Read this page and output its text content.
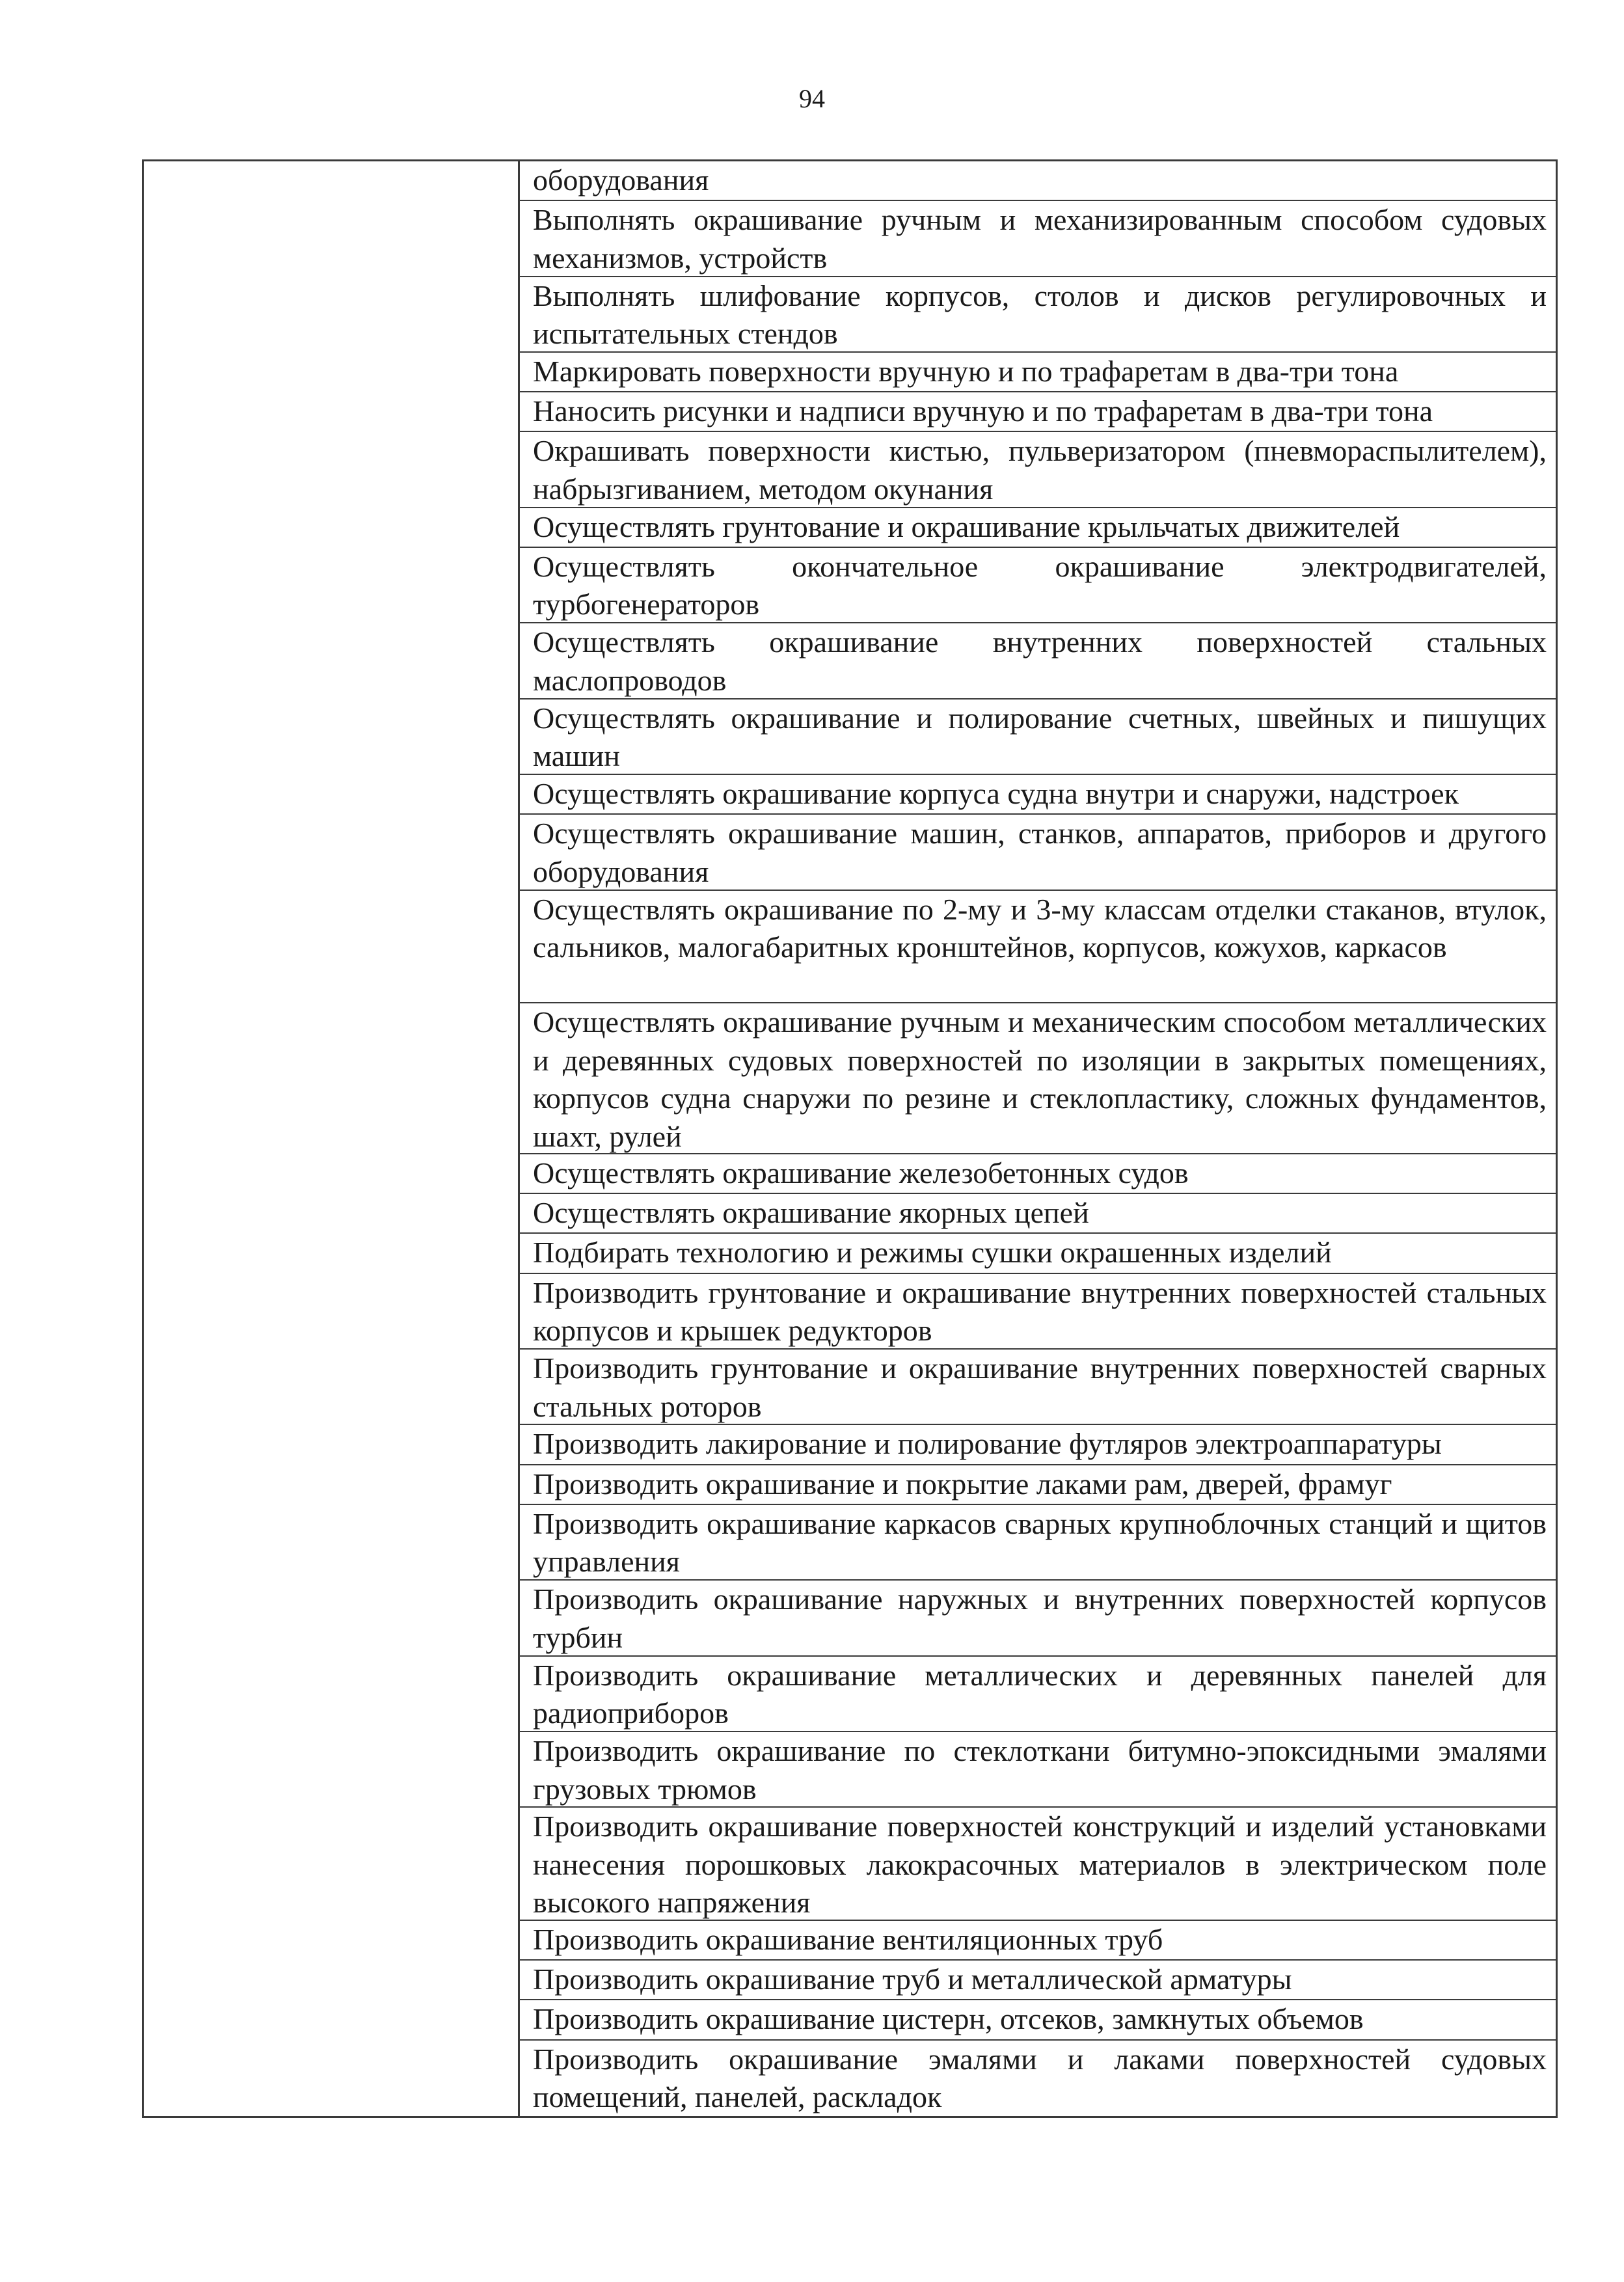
94
оборудования
Выполнять окрашивание ручным и механизированным способом судовых механизмов, устройств
Выполнять шлифование корпусов, столов и дисков регулировочных и испытательных стендов
Маркировать поверхности вручную и по трафаретам в два-три тона
Наносить рисунки и надписи вручную и по трафаретам в два-три тона
Окрашивать поверхности кистью, пульверизатором (пневмораспылителем), набрызгиванием, методом окунания
Осуществлять грунтование и окрашивание крыльчатых движителей
Осуществлять окончательное окрашивание электродвигателей, турбогенераторов
Осуществлять окрашивание внутренних поверхностей стальных маслопроводов
Осуществлять окрашивание и полирование счетных, швейных и пишущих машин
Осуществлять окрашивание корпуса судна внутри и снаружи, надстроек
Осуществлять окрашивание машин, станков, аппаратов, приборов и другого оборудования
Осуществлять окрашивание по 2-му и 3-му классам отделки стаканов, втулок, сальников, малогабаритных кронштейнов, корпусов, кожухов, каркасов
Осуществлять окрашивание ручным и механическим способом металлических и деревянных судовых поверхностей по изоляции в закрытых помещениях, корпусов судна снаружи по резине и стеклопластику, сложных фундаментов, шахт, рулей
Осуществлять окрашивание железобетонных судов
Осуществлять окрашивание якорных цепей
Подбирать технологию и режимы сушки окрашенных изделий
Производить грунтование и окрашивание внутренних поверхностей стальных корпусов и крышек редукторов
Производить грунтование и окрашивание внутренних поверхностей сварных стальных роторов
Производить лакирование и полирование футляров электроаппаратуры
Производить окрашивание и покрытие лаками рам, дверей, фрамуг
Производить окрашивание каркасов сварных крупноблочных станций и щитов управления
Производить окрашивание наружных и внутренних поверхностей корпусов турбин
Производить окрашивание металлических и деревянных панелей для радиоприборов
Производить окрашивание по стеклоткани битумно-эпоксидными эмалями грузовых трюмов
Производить окрашивание поверхностей конструкций и изделий установками нанесения порошковых лакокрасочных материалов в электрическом поле высокого напряжения
Производить окрашивание вентиляционных труб
Производить окрашивание труб и металлической арматуры
Производить окрашивание цистерн, отсеков, замкнутых объемов
Производить окрашивание эмалями и лаками поверхностей судовых помещений, панелей, раскладок
